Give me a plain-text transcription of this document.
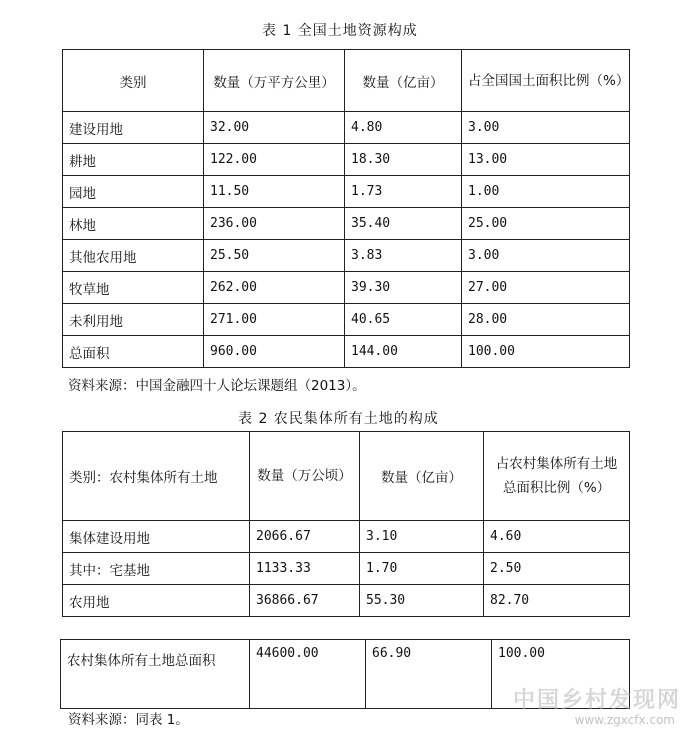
表 1 全国土地资源构成
类别	数量（万平方公里）	数量（亿亩）	占全国国土面积比例（%）
建设用地	32.00	4.80	3.00
耕地	122.00	18.30	13.00
园地	11.50	1.73	1.00
林地	236.00	35.40	25.00
其他农用地	25.50	3.83	3.00
牧草地	262.00	39.30	27.00
未利用地	271.00	40.65	28.00
总面积	960.00	144.00	100.00
资料来源：中国金融四十人论坛课题组（2013）。
表 2 农民集体所有土地的构成
类别：农村集体所有土地	数量（万公顷）	数量（亿亩）	占农村集体所有土地总面积比例（%）
集体建设用地	2066.67	3.10	4.60
其中：宅基地	1133.33	1.70	2.50
农用地	36866.67	55.30	82.70
农村集体所有土地总面积	44600.00	66.90	100.00
资料来源：同表 1。
中国乡村发现网
www.zgxcfx.com
